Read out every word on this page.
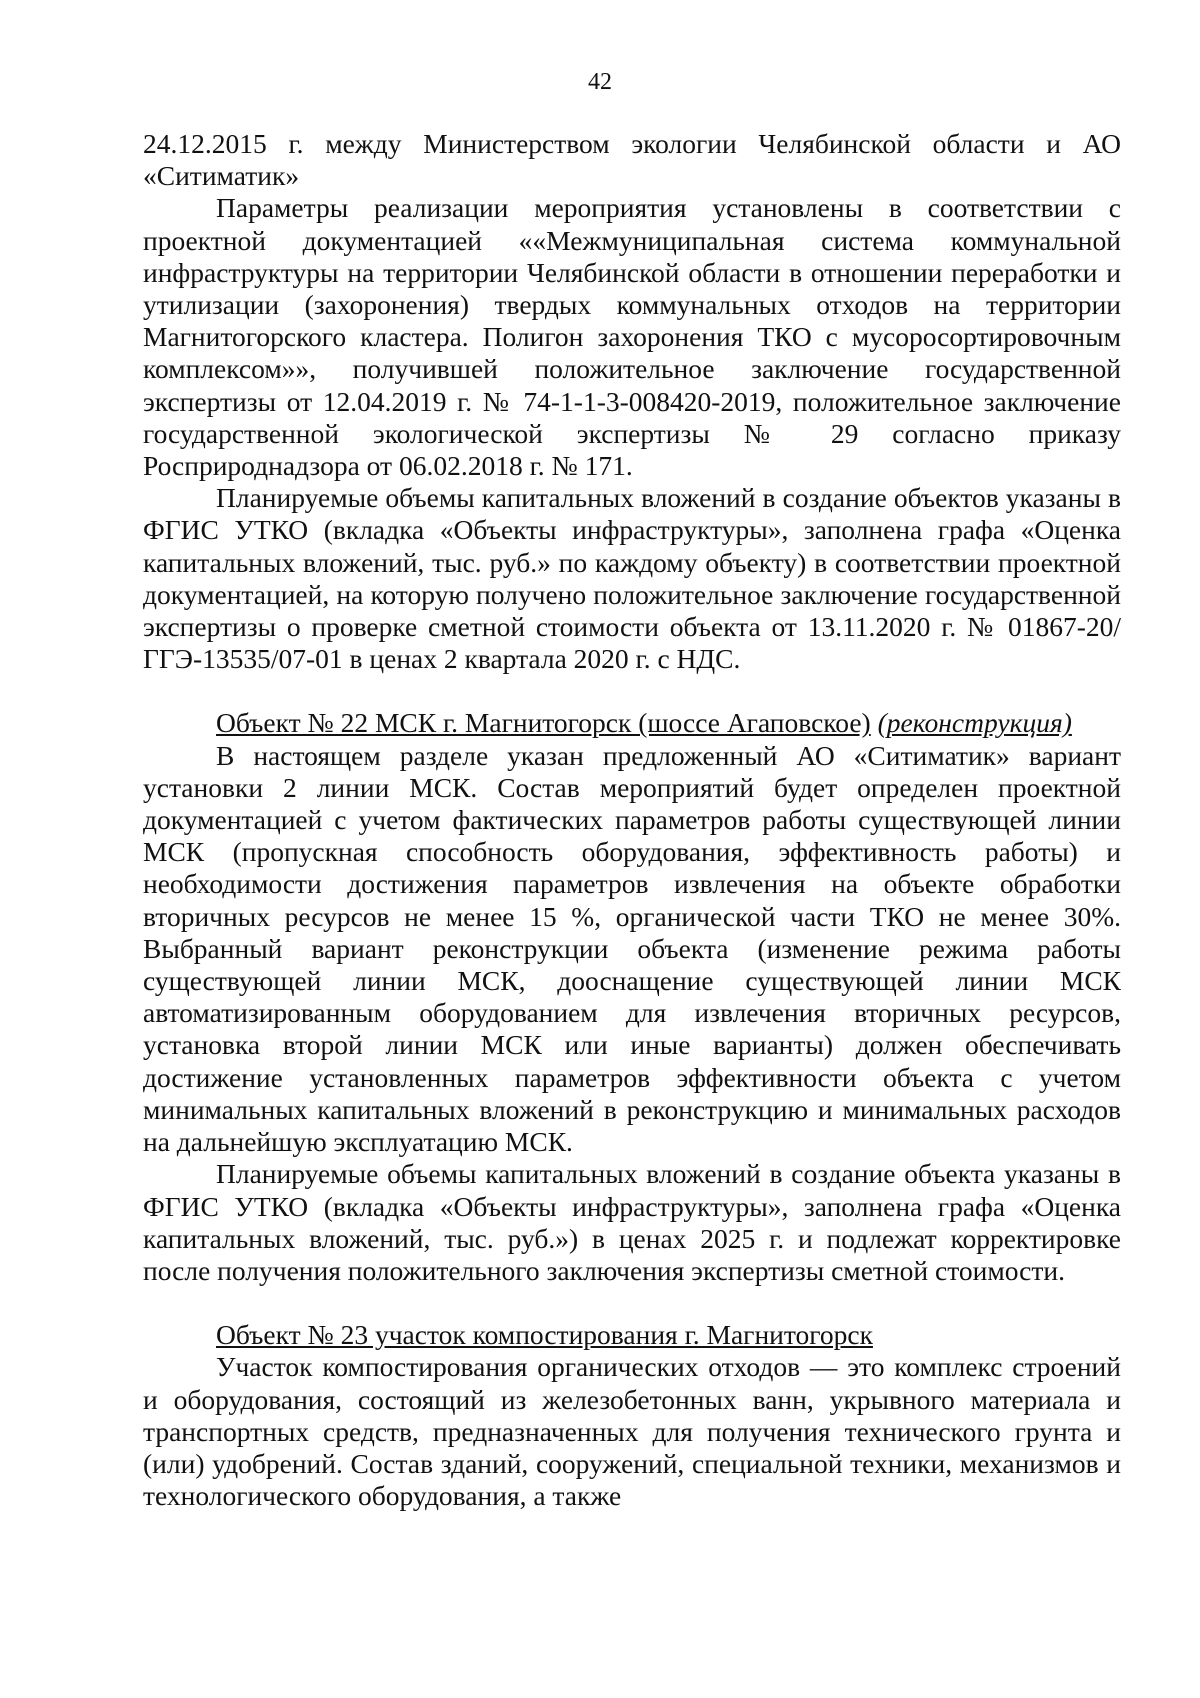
42

24.12.2015 г. между Министерством экологии Челябинской области и АО «Ситиматик»

Параметры реализации мероприятия установлены в соответствии с проектной документацией ««Межмуниципальная система коммунальной инфраструктуры на территории Челябинской области в отношении переработки и утилизации (захоронения) твердых коммунальных отходов на территории Магнитогорского кластера. Полигон захоронения ТКО с мусоросортировочным комплексом»», получившей положительное заключение государственной экспертизы от 12.04.2019 г. № 74-1-1-3-008420-2019, положительное заключение государственной экологической экспертизы № 29 согласно приказу Росприроднадзора от 06.02.2018 г. № 171.

Планируемые объемы капитальных вложений в создание объектов указаны в ФГИС УТКО (вкладка «Объекты инфраструктуры», заполнена графа «Оценка капитальных вложений, тыс. руб.» по каждому объекту) в соответствии проектной документацией, на которую получено положительное заключение государственной экспертизы о проверке сметной стоимости объекта от 13.11.2020 г. № 01867-20/ГГЭ-13535/07-01 в ценах 2 квартала 2020 г. с НДС.

Объект № 22 МСК г. Магнитогорск (шоссе Агаповское) (реконструкция)

В настоящем разделе указан предложенный АО «Ситиматик» вариант установки 2 линии МСК. Состав мероприятий будет определен проектной документацией с учетом фактических параметров работы существующей линии МСК (пропускная способность оборудования, эффективность работы) и необходимости достижения параметров извлечения на объекте обработки вторичных ресурсов не менее 15 %, органической части ТКО не менее 30%. Выбранный вариант реконструкции объекта (изменение режима работы существующей линии МСК, дооснащение существующей линии МСК автоматизированным оборудованием для извлечения вторичных ресурсов, установка второй линии МСК или иные варианты) должен обеспечивать достижение установленных параметров эффективности объекта с учетом минимальных капитальных вложений в реконструкцию и минимальных расходов на дальнейшую эксплуатацию МСК.

Планируемые объемы капитальных вложений в создание объекта указаны в ФГИС УТКО (вкладка «Объекты инфраструктуры», заполнена графа «Оценка капитальных вложений, тыс. руб.») в ценах 2025 г. и подлежат корректировке после получения положительного заключения экспертизы сметной стоимости.

Объект № 23 участок компостирования г. Магнитогорск

Участок компостирования органических отходов — это комплекс строений и оборудования, состоящий из железобетонных ванн, укрывного материала и транспортных средств, предназначенных для получения технического грунта и (или) удобрений. Состав зданий, сооружений, специальной техники, механизмов и технологического оборудования, а также
